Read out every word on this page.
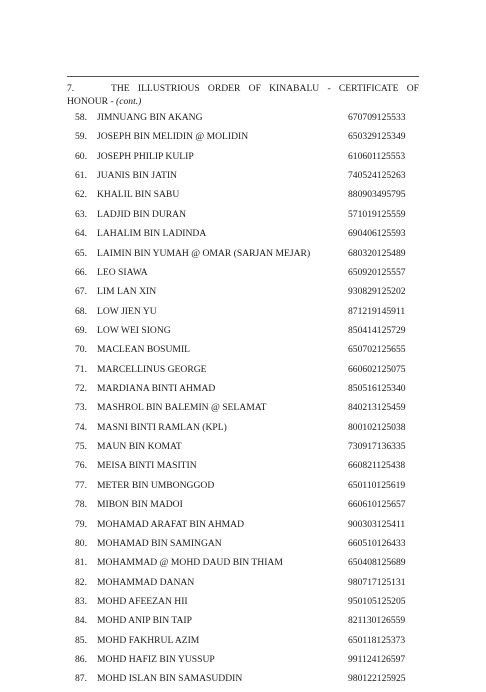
7.	THE ILLUSTRIOUS ORDER OF KINABALU - CERTIFICATE OF HONOUR - (cont.)
58. JIMNUANG BIN AKANG	670709125533
59. JOSEPH BIN MELIDIN @ MOLIDIN	650329125349
60. JOSEPH PHILIP KULIP	610601125553
61. JUANIS BIN JATIN	740524125263
62. KHALIL BIN SABU	880903495795
63. LADJID BIN DURAN	571019125559
64. LAHALIM BIN LADINDA	690406125593
65. LAIMIN BIN YUMAH @ OMAR (SARJAN MEJAR)	680320125489
66. LEO SIAWA	650920125557
67. LIM LAN XIN	930829125202
68. LOW JIEN YU	871219145911
69. LOW WEI SIONG	850414125729
70. MACLEAN BOSUMIL	650702125655
71. MARCELLINUS GEORGE	660602125075
72. MARDIANA BINTI AHMAD	850516125340
73. MASHROL BIN BALEMIN @ SELAMAT	840213125459
74. MASNI BINTI RAMLAN (KPL)	800102125038
75. MAUN BIN KOMAT	730917136335
76. MEISA BINTI MASITIN	660821125438
77. METER BIN UMBONGGOD	650110125619
78. MIBON BIN MADOI	660610125657
79. MOHAMAD ARAFAT BIN AHMAD	900303125411
80. MOHAMAD BIN SAMINGAN	660510126433
81. MOHAMMAD @ MOHD DAUD BIN THIAM	650408125689
82. MOHAMMAD DANAN	980717125131
83. MOHD AFEEZAN HII	950105125205
84. MOHD ANIP BIN TAIP	821130126559
85. MOHD FAKHRUL AZIM	650118125373
86. MOHD HAFIZ BIN YUSSUP	991124126597
87. MOHD ISLAN BIN SAMASUDDIN	980122125925
